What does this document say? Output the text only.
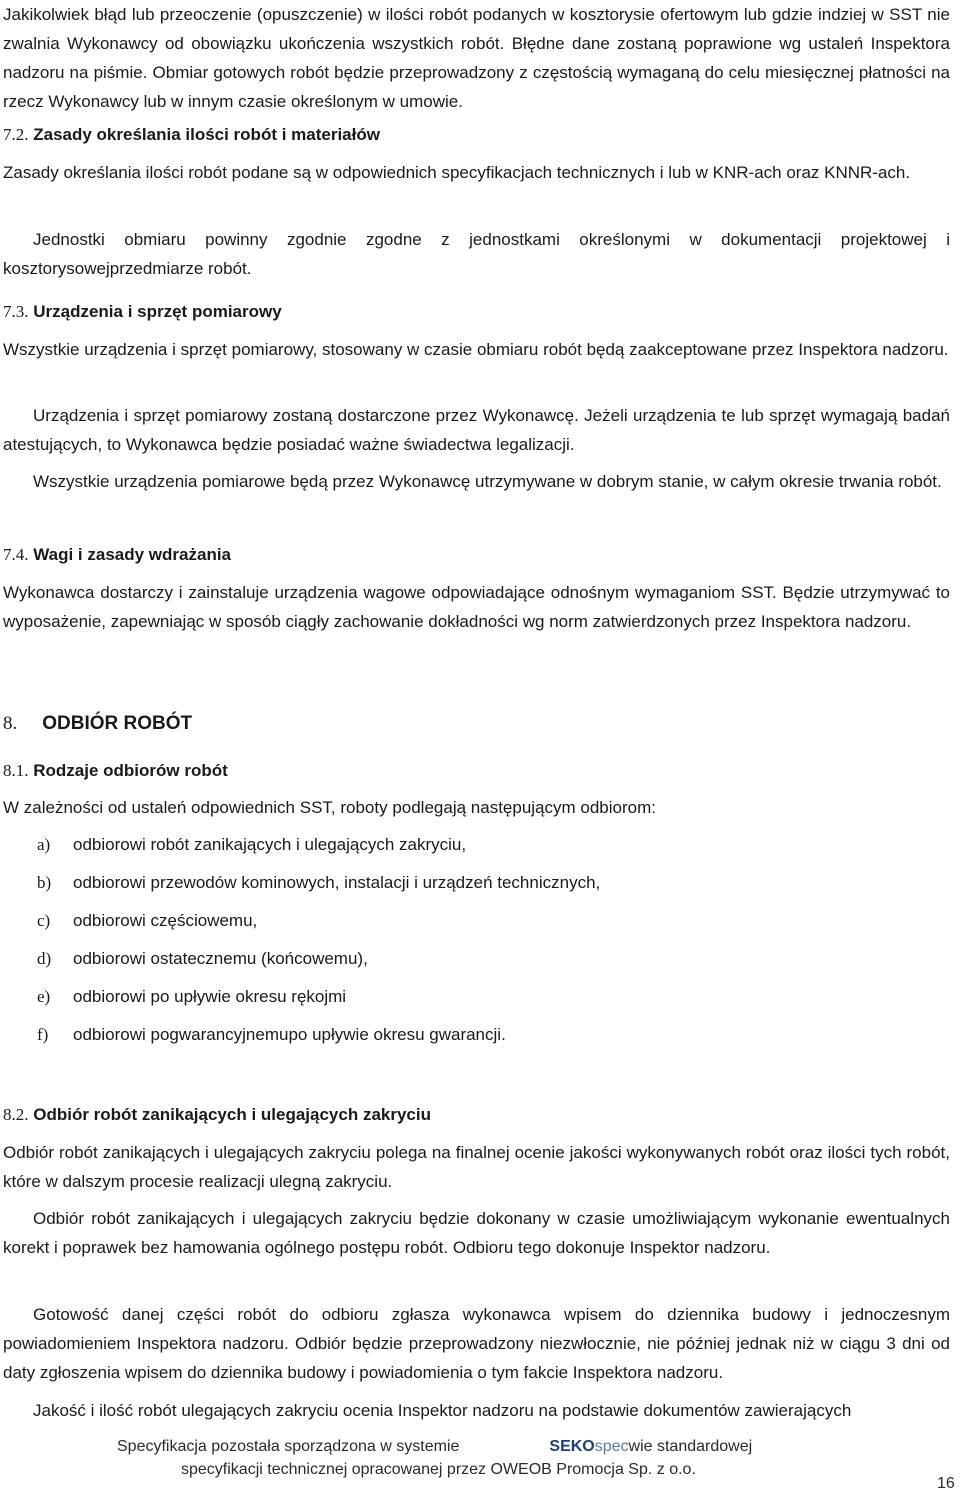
Jakikolwiek błąd lub przeoczenie (opuszczenie) w ilości robót podanych w kosztorysie ofertowym lub gdzie indziej w SST nie zwalnia Wykonawcy od obowiązku ukończenia wszystkich robót. Błędne dane zostaną poprawione wg ustaleń Inspektora nadzoru na piśmie. Obmiar gotowych robót będzie przeprowadzony z częstością wymaganą do celu miesięcznej płatności na rzecz Wykonawcy lub w innym czasie określonym w umowie.

7.2. Zasady określania ilości robót i materiałów

Zasady określania ilości robót podane są w odpowiednich specyfikacjach technicznych i lub w KNR-ach oraz KNNR-ach.

Jednostki obmiaru powinny zgodnie zgodne z jednostkami określonymi w dokumentacji projektowej i kosztorysowejprzedmiarze robót.

7.3. Urządzenia i sprzęt pomiarowy

Wszystkie urządzenia i sprzęt pomiarowy, stosowany w czasie obmiaru robót będą zaakceptowane przez Inspektora nadzoru.

Urządzenia i sprzęt pomiarowy zostaną dostarczone przez Wykonawcę. Jeżeli urządzenia te lub sprzęt wymagają badań atestujących, to Wykonawca będzie posiadać ważne świadectwa legalizacji.

Wszystkie urządzenia pomiarowe będą przez Wykonawcę utrzymywane w dobrym stanie, w całym okresie trwania robót.

7.4. Wagi i zasady wdrażania

Wykonawca dostarczy i zainstaluje urządzenia wagowe odpowiadające odnośnym wymaganiom SST. Będzie utrzymywać to wyposażenie, zapewniając w sposób ciągły zachowanie dokładności wg norm zatwierdzonych przez Inspektora nadzoru.

8. ODBIÓR ROBÓT
8.1. Rodzaje odbiorów robót

W zależności od ustaleń odpowiednich SST, roboty podlegają następującym odbiorom:

a)	odbiorowi robót zanikających i ulegających zakryciu,
b)	odbiorowi przewodów kominowych, instalacji i urządzeń technicznych,
c)	odbiorowi częściowemu,
d)	odbiorowi ostatecznemu (końcowemu),
e)	odbiorowi po upływie okresu rękojmi
f)	odbiorowi pogwarancyjnemupo upływie okresu gwarancji.
8.2. Odbiór robót zanikających i ulegających zakryciu

Odbiór robót zanikających i ulegających zakryciu polega na finalnej ocenie jakości wykonywanych robót oraz ilości tych robót, które w dalszym procesie realizacji ulegną zakryciu.

Odbiór robót zanikających i ulegających zakryciu będzie dokonany w czasie umożliwiającym wykonanie ewentualnych korekt i poprawek bez hamowania ogólnego postępu robót. Odbioru tego dokonuje Inspektor nadzoru.

Gotowość danej części robót do odbioru zgłasza wykonawca wpisem do dziennika budowy i jednoczesnym powiadomieniem Inspektora nadzoru. Odbiór będzie przeprowadzony niezwłocznie, nie później jednak niż w ciągu 3 dni od daty zgłoszenia wpisem do dziennika budowy i powiadomienia o tym fakcie Inspektora nadzoru.

Jakość i ilość robót ulegających zakryciu ocenia Inspektor nadzoru na podstawie dokumentów zawierających

Specyfikacja pozostała sporządzona w systemie	SEKOspecwie standardowej
specyfikacji technicznej opracowanej przez OWEOB Promocja Sp. z o.o.
16
